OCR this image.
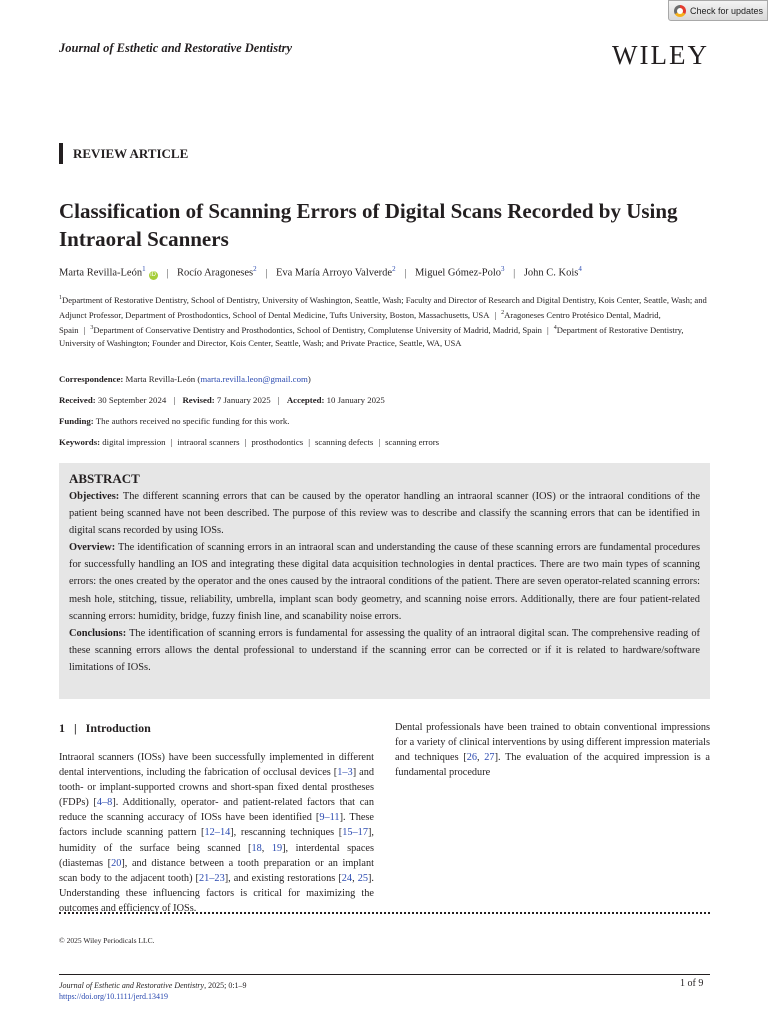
Check for updates
Journal of Esthetic and Restorative Dentistry	WILEY
REVIEW ARTICLE
Classification of Scanning Errors of Digital Scans Recorded by Using Intraoral Scanners
Marta Revilla-León$^1$iD | Rocío Aragoneses$^2$ | Eva María Arroyo Valverde$^2$ | Miguel Gómez-Polo$^3$ | John C. Kois$^4$
$^1$Department of Restorative Dentistry, School of Dentistry, University of Washington, Seattle, Wash; Faculty and Director of Research and Digital Dentistry, Kois Center, Seattle, Wash; and Adjunct Professor, Department of Prosthodontics, School of Dental Medicine, Tufts University, Boston, Massachusetts, USA | $^2$Aragoneses Centro Protésico Dental, Madrid, Spain | $^3$Department of Conservative Dentistry and Prosthodontics, School of Dentistry, Complutense University of Madrid, Madrid, Spain | $^4$Department of Restorative Dentistry, University of Washington; Founder and Director, Kois Center, Seattle, Wash; and Private Practice, Seattle, WA, USA
Correspondence: Marta Revilla-León (marta.revilla.leon@gmail.com)
Received: 30 September 2024 | Revised: 7 January 2025 | Accepted: 10 January 2025
Funding: The authors received no specific funding for this work.
Keywords: digital impression | intraoral scanners | prosthodontics | scanning defects | scanning errors
ABSTRACT

Objectives: The different scanning errors that can be caused by the operator handling an intraoral scanner (IOS) or the intraoral conditions of the patient being scanned have not been described. The purpose of this review was to describe and classify the scanning errors that can be identified in digital scans recorded by using IOSs.

Overview: The identification of scanning errors in an intraoral scan and understanding the cause of these scanning errors are fundamental procedures for successfully handling an IOS and integrating these digital data acquisition technologies in dental practices. There are two main types of scanning errors: the ones created by the operator and the ones caused by the intraoral conditions of the patient. There are seven operator-related scanning errors: mesh hole, stitching, tissue, reliability, umbrella, implant scan body geometry, and scanning noise errors. Additionally, there are four patient-related scanning errors: humidity, bridge, fuzzy finish line, and scanability noise errors.

Conclusions: The identification of scanning errors is fundamental for assessing the quality of an intraoral digital scan. The comprehensive reading of these scanning errors allows the dental professional to understand if the scanning error can be corrected or if it is related to hardware/software limitations of IOSs.

1   |   Introduction

Intraoral scanners (IOSs) have been successfully implemented in different dental interventions, including the fabrication of occlusal devices [1–3] and tooth- or implant-supported crowns and short-span fixed dental prostheses (FDPs) [4–8]. Additionally, operator- and patient-related factors that can reduce the scanning accuracy of IOSs have been identified [9–11]. These factors include scanning pattern [12–14], rescanning techniques [15–17], humidity of the surface being scanned [18, 19], interdental spaces (diastemas [20], and distance between a tooth preparation or an implant scan body to the adjacent tooth) [21–23], and existing restorations [24, 25]. Understanding these influencing factors is critical for maximizing the outcomes and efficiency of IOSs.

Dental professionals have been trained to obtain conventional impressions for a variety of clinical interventions by using different impression materials and techniques [26, 27]. The evaluation of the acquired impression is a fundamental procedure

© 2025 Wiley Periodicals LLC.
Journal of Esthetic and Restorative Dentistry, 2025; 0:1–9
https://doi.org/10.1111/jerd.13419
1 of 9
